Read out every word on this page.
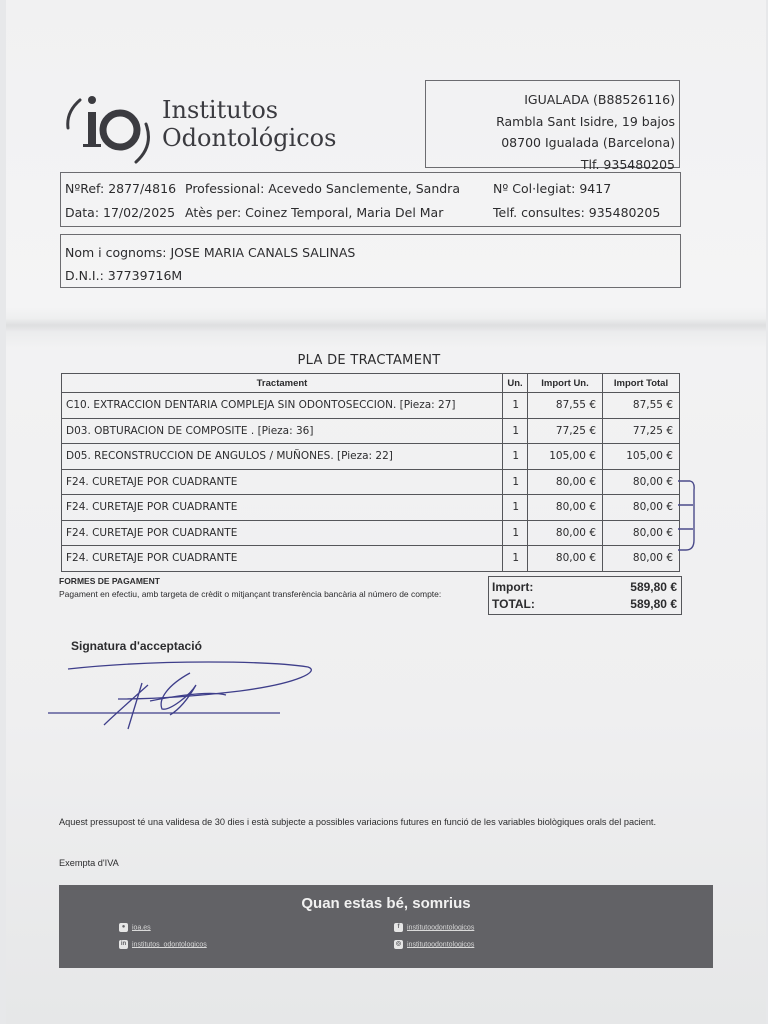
Institutos
Odontológicos
IGUALADA (B88526116)
Rambla Sant Isidre, 19 bajos
08700 Igualada (Barcelona)
Tlf. 935480205
NºRef: 2877/4816 Professional: Acevedo Sanclemente, Sandra	Nº Col·legiat: 9417
Data: 17/02/2025 Atès per: Coinez Temporal, Maria Del Mar	Telf. consultes: 935480205
Nom i cognoms: JOSE MARIA CANALS SALINAS
D.N.I.: 37739716M
PLA DE TRACTAMENT
Tractament	Un.	Import Un.	Import Total
C10. EXTRACCION DENTARIA COMPLEJA SIN ODONTOSECCION. [Pieza: 27]	1	87,55 €	87,55 €
D03. OBTURACION DE COMPOSITE . [Pieza: 36]	1	77,25 €	77,25 €
D05. RECONSTRUCCION DE ANGULOS / MUÑONES. [Pieza: 22]	1	105,00 €	105,00 €
F24. CURETAJE POR CUADRANTE	1	80,00 €	80,00 €
F24. CURETAJE POR CUADRANTE	1	80,00 €	80,00 €
F24. CURETAJE POR CUADRANTE	1	80,00 €	80,00 €
F24. CURETAJE POR CUADRANTE	1	80,00 €	80,00 €
FORMES DE PAGAMENT
Pagament en efectiu, amb targeta de crèdit o mitjançant transferència bancària al número de compte:	Import:	589,80 €
TOTAL:	589,80 €
Signatura d'acceptació
Aquest pressupost té una validesa de 30 dies i està subjecte a possibles variacions futures en funció de les variables biològiques orals del pacient.
Exempta d'IVA
Quan estas bé, somrius
● ioa.es
in institutos_odontologicos
f institutoodontologicos
◎ institutoodontologicos
